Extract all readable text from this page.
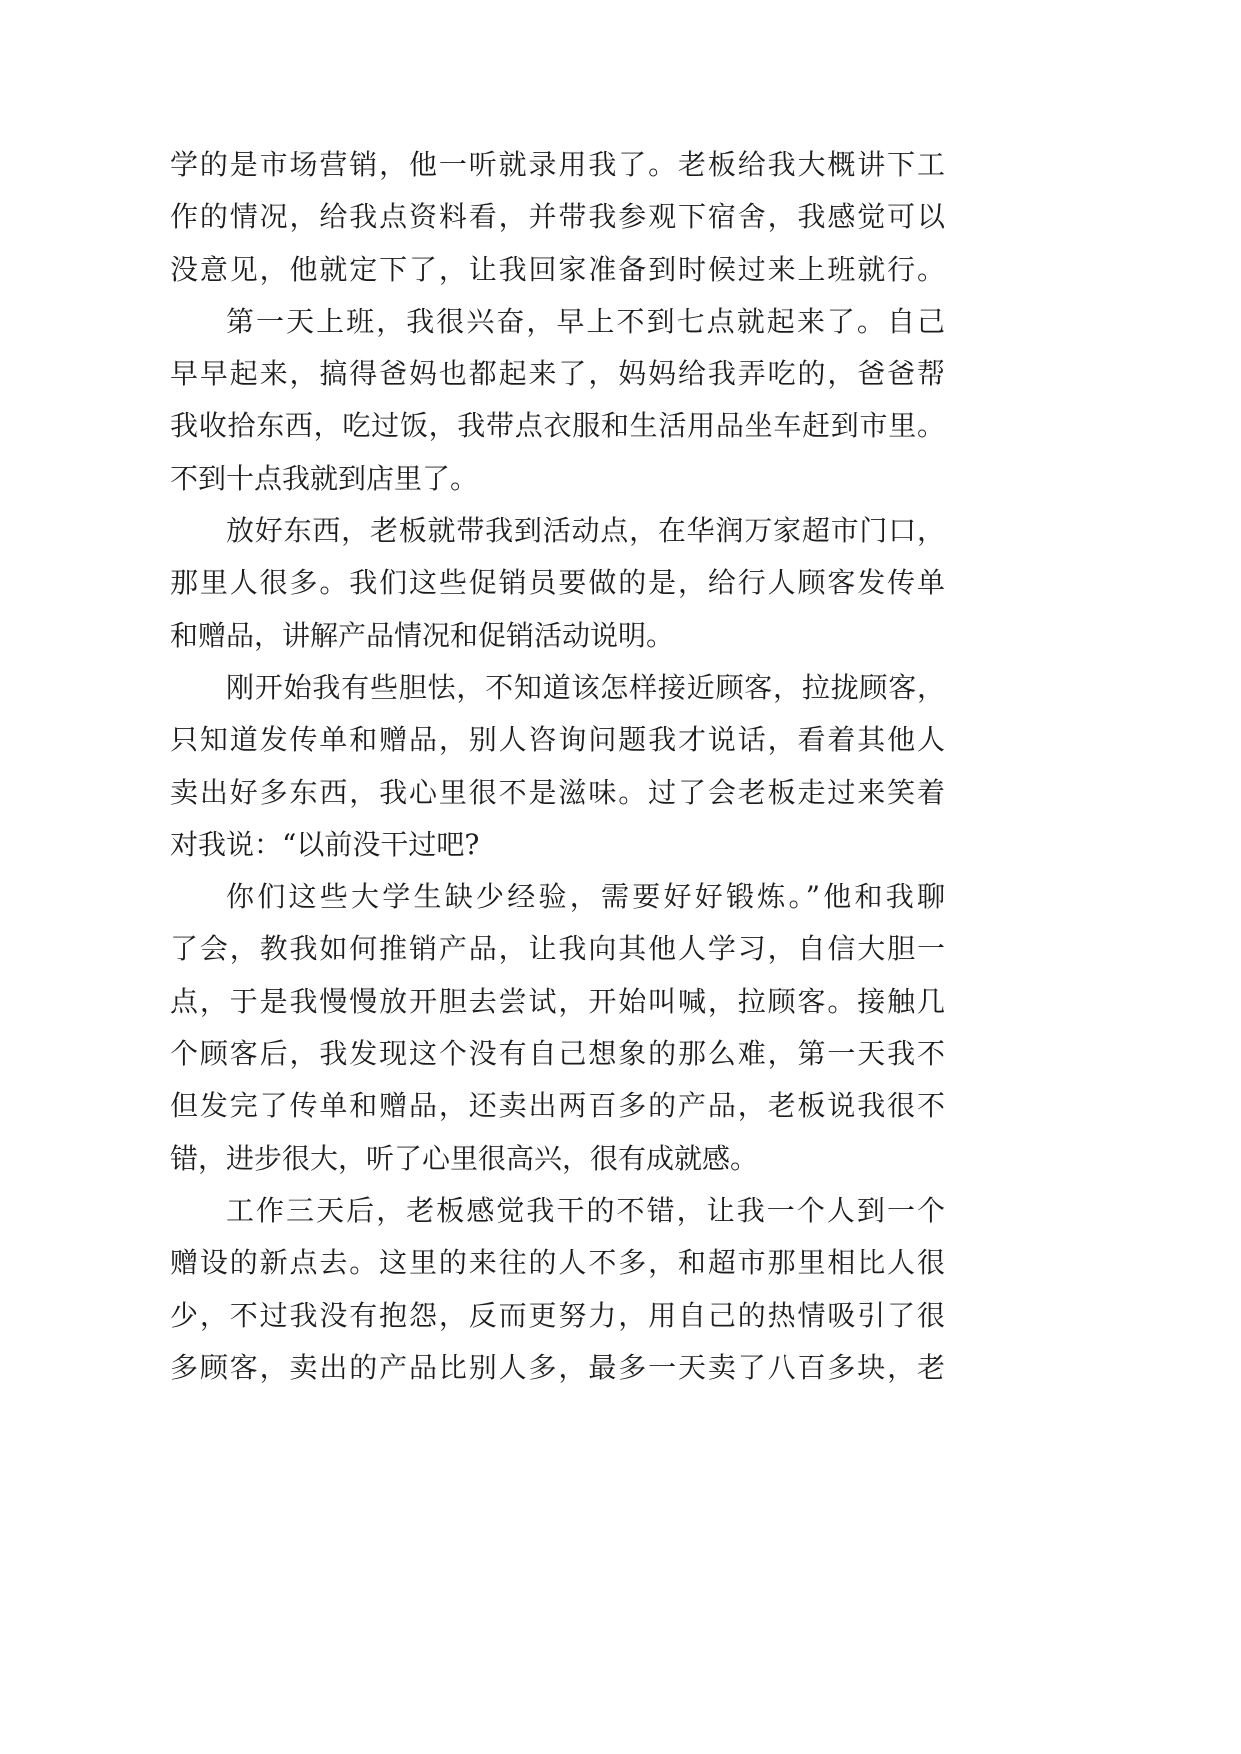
学的是市场营销，他一听就录用我了。老板给我大概讲下工
作的情况，给我点资料看，并带我参观下宿舍，我感觉可以
没意见，他就定下了，让我回家准备到时候过来上班就行。
第一天上班，我很兴奋，早上不到七点就起来了。自己
早早起来，搞得爸妈也都起来了，妈妈给我弄吃的，爸爸帮
我收拾东西，吃过饭，我带点衣服和生活用品坐车赶到市里。
不到十点我就到店里了。
放好东西，老板就带我到活动点，在华润万家超市门口，
那里人很多。我们这些促销员要做的是，给行人顾客发传单
和赠品，讲解产品情况和促销活动说明。
刚开始我有些胆怯，不知道该怎样接近顾客，拉拢顾客，
只知道发传单和赠品，别人咨询问题我才说话，看着其他人
卖出好多东西，我心里很不是滋味。过了会老板走过来笑着
对我说：“以前没干过吧?
你们这些大学生缺少经验，需要好好锻炼。”他和我聊
了会，教我如何推销产品，让我向其他人学习，自信大胆一
点，于是我慢慢放开胆去尝试，开始叫喊，拉顾客。接触几
个顾客后，我发现这个没有自己想象的那么难，第一天我不
但发完了传单和赠品，还卖出两百多的产品，老板说我很不
错，进步很大，听了心里很高兴，很有成就感。
工作三天后，老板感觉我干的不错，让我一个人到一个
赠设的新点去。这里的来往的人不多，和超市那里相比人很
少，不过我没有抱怨，反而更努力，用自己的热情吸引了很
多顾客，卖出的产品比别人多，最多一天卖了八百多块，老
